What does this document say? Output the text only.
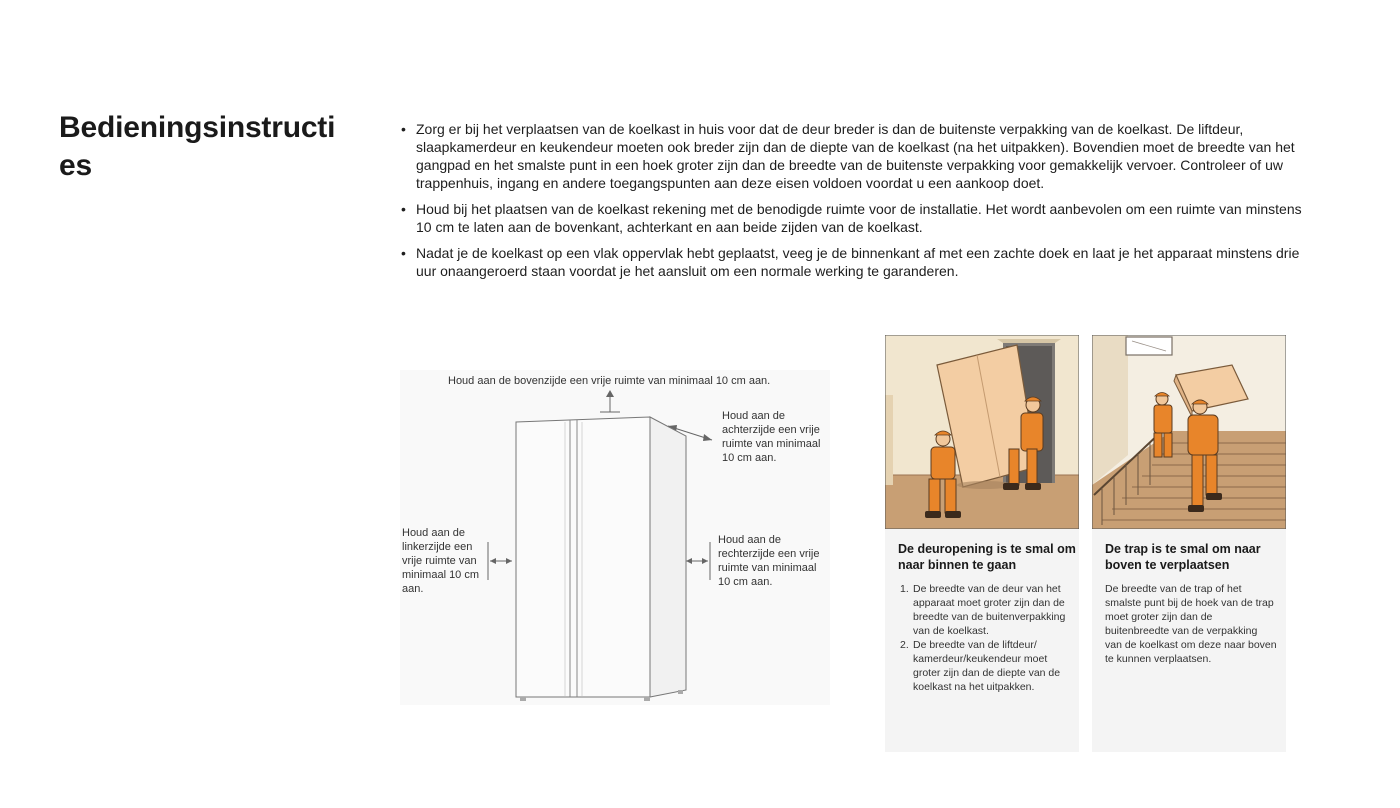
Bedieningsinstructies
• Zorg er bij het verplaatsen van de koelkast in huis voor dat de deur breder is dan de buitenste verpakking van de koelkast. De liftdeur, slaapkamerdeur en keukendeur moeten ook breder zijn dan de diepte van de koelkast (na het uitpakken). Bovendien moet de breedte van het gangpad en het smalste punt in een hoek groter zijn dan de breedte van de buitenste verpakking voor gemakkelijk vervoer. Controleer of uw trappenhuis, ingang en andere toegangspunten aan deze eisen voldoen voordat u een aankoop doet.
• Houd bij het plaatsen van de koelkast rekening met de benodigde ruimte voor de installatie. Het wordt aanbevolen om een ruimte van minstens 10 cm te laten aan de bovenkant, achterkant en aan beide zijden van de koelkast.
• Nadat je de koelkast op een vlak oppervlak hebt geplaatst, veeg je de binnenkant af met een zachte doek en laat je het apparaat minstens drie uur onaangeroerd staan voordat je het aansluit om een normale werking te garanderen.
Houd aan de bovenzijde een vrije ruimte van minimaal 10 cm aan.
Houd aan de achterzijde een vrije ruimte van minimaal 10 cm aan.
Houd aan de linkerzijde een vrije ruimte van minimaal 10 cm aan.
Houd aan de rechterzijde een vrije ruimte van minimaal 10 cm aan.
De deuropening is te smal om naar binnen te gaan
1. De breedte van de deur van het apparaat moet groter zijn dan de breedte van de buitenverpakking van de koelkast.
2. De breedte van de liftdeur/ kamerdeur/keukendeur moet groter zijn dan de diepte van de koelkast na het uitpakken.
De trap is te smal om naar boven te verplaatsen

De breedte van de trap of het smalste punt bij de hoek van de trap moet groter zijn dan de buitenbreedte van de verpakking van de koelkast om deze naar boven te kunnen verplaatsen.
